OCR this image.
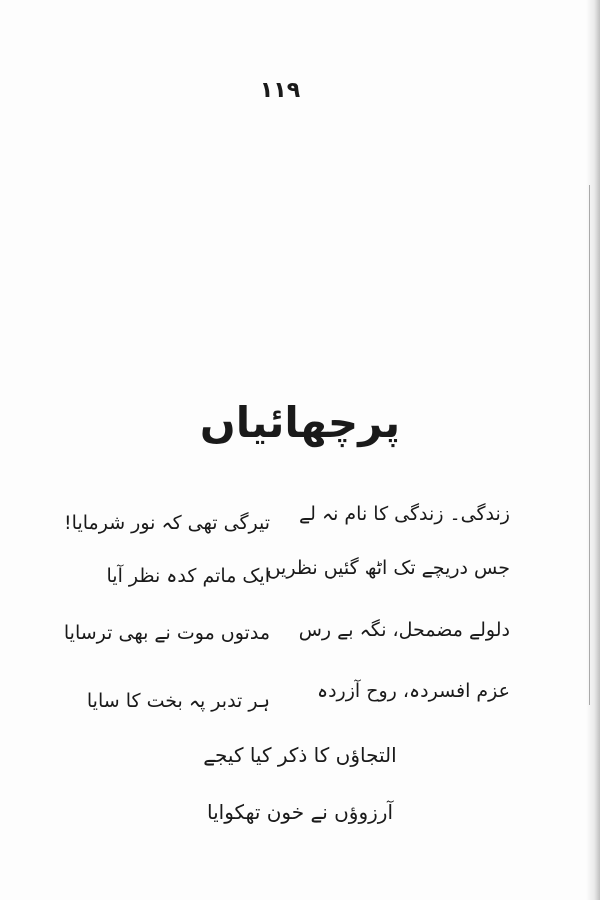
۱۱۹
پرچھائیاں
زندگی۔ زندگی کا نام نہ لے
تیرگی تھی کہ نور شرمایا!
جس دریچے تک اٹھ گئیں نظریں
ایک ماتم کدہ نظر آیا
دلولے مضمحل، نگہ بے رس
مدتوں موت نے بھی ترسایا
عزم افسردہ، روح آزردہ
ہر تدبر پہ بخت کا سایا
التجاؤں کا ذکر کیا کیجے
آرزوؤں نے خون تھکوایا
